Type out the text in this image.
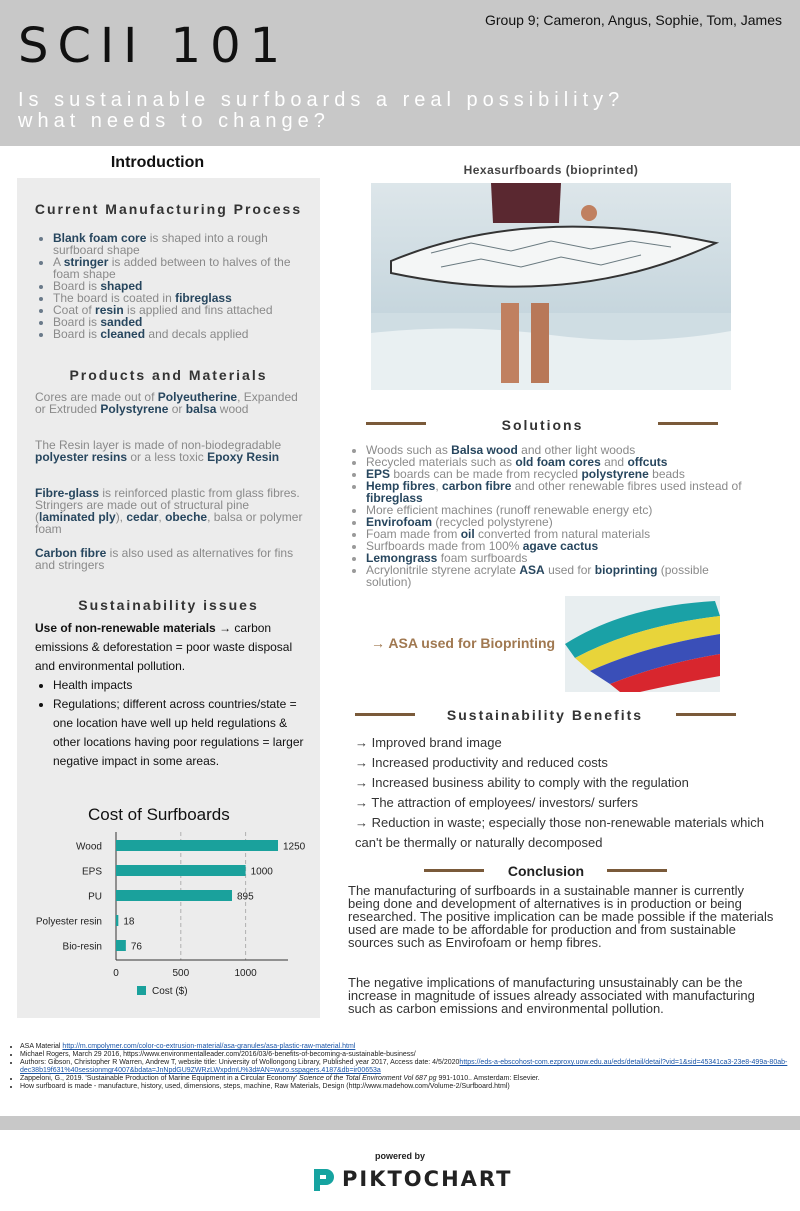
SCII 101	Group 9; Cameron, Angus, Sophie, Tom, James
Is sustainable surfboards a real possibility?
what needs to change?
Introduction
Current Manufacturing Process
• Blank foam core is shaped into a rough surfboard shape
• A stringer is added between to halves of the foam shape
• Board is shaped
• The board is coated in fibreglass
• Coat of resin is applied and fins attached
• Board is sanded
• Board is cleaned and decals applied
Products and Materials
Cores are made out of Polyeutherine, Expanded or Extruded Polystyrene or balsa wood
The Resin layer is made of non-biodegradable polyester resins or a less toxic Epoxy Resin
Fibre-glass is reinforced plastic from glass fibres. Stringers are made out of structural pine (laminated ply), cedar, obeche, balsa or polymer foam
Carbon fibre is also used as alternatives for fins and stringers
Sustainability issues
Use of non-renewable materials → carbon emissions & deforestation = poor waste disposal and environmental pollution.
• Health impacts
• Regulations; different across countries/state = one location have well up held regulations & other locations having poor regulations = larger negative impact in some areas.
Cost of Surfboards
Wood	1250
EPS	1000
PU	895
Polyester resin 18
Bio-resin	76
0	500	1000
Cost ($)
Hexasurfboards (bioprinted)
Solutions
• Woods such as Balsa wood and other light woods
• Recycled materials such as old foam cores and offcuts
• EPS boards can be made from recycled polystyrene beads
• Hemp fibres, carbon fibre and other renewable fibres used instead of fibreglass
• More efficient machines (runoff renewable energy etc)
• Envirofoam (recycled polystyrene)
• Foam made from oil converted from natural materials
• Surfboards made from 100% agave cactus
• Lemongrass foam surfboards
• Acrylonitrile styrene acrylate ASA used for bioprinting (possible solution)
→ ASA used for Bioprinting
Sustainability Benefits
→ Improved brand image
→ Increased productivity and reduced costs
→ Increased business ability to comply with the regulation
→ The attraction of employees/ investors/ surfers
→ Reduction in waste; especially those non-renewable materials which can't be thermally or naturally decomposed
Conclusion
The manufacturing of surfboards in a sustainable manner is currently being done and development of alternatives is in production or being researched. The positive implication can be made possible if the materials used are made to be affordable for production and from sustainable sources such as Envirofoam or hemp fibres.
The negative implications of manufacturing unsustainably can be the increase in magnitude of issues already associated with manufacturing such as carbon emissions and environmental pollution.
• ASA Material http://m.cmpolymer.com/color-co-extrusion-material/asa-granules/asa-plastic-raw-material.html
• Michael Rogers, March 29 2016, https://www.environmentalleader.com/2016/03/6-benefits-of-becoming-a-sustainable-business/
• Authors: Gibson, Christopher R Warren, Andrew T, website title: University of Wollongong Library, Published year 2017, Access date: 4/5/2020https://eds-a-ebscohost-com.ezproxy.uow.edu.au/eds/detail/detail?vid=1&sid=45341ca3-23e8-499a-80ab-dec38b19f631%40sessionmgr4007&bdata=JnNpdGU9ZWRzLWxpdmU%3d#AN=wuro.sspagers.4187&db=ir00653a
• Zappeloni, G., 2019. 'Sustainable Production of Marine Equipment in a Circular Economy' Science of the Total Environment Vol 687 pg 991-1010.. Amsterdam: Elsevier.
• How surfboard is made - manufacture, history, used, dimensions, steps, machine, Raw Materials, Design (http://www.madehow.com/Volume-2/Surfboard.html)
powered by
PIKTOCHART
